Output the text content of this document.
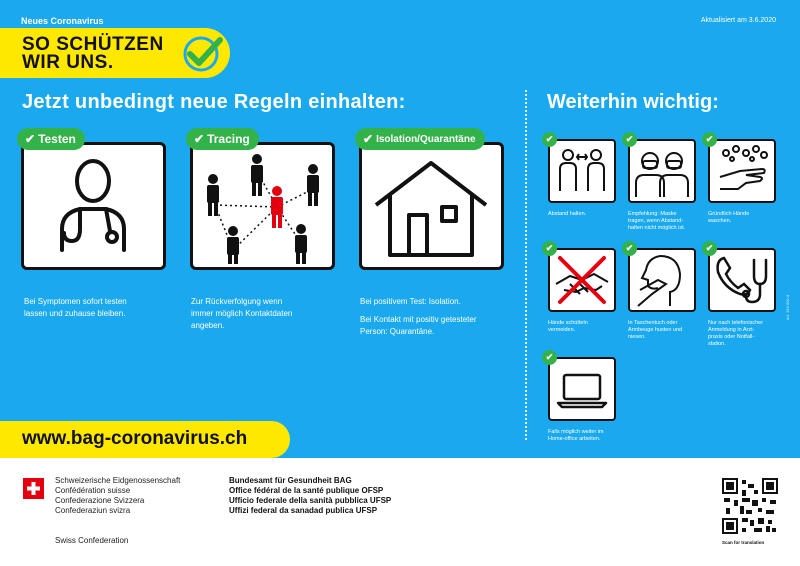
Neues Coronavirus	Aktualisiert am 3.6.2020
SO SCHÜTZEN
WIR UNS.
Jetzt unbedingt neue Regeln einhalten:	Weiterhin wichtig:
✔ Testen
Bei Symptomen sofort testen
lassen und zuhause bleiben.
✔ Tracing
Zur Rückverfolgung wenn
immer möglich Kontaktdaten
angeben.
✔ Isolation/Quarantäne
Bei positivem Test: Isolation.
Bei Kontakt mit positiv getesteter
Person: Quarantäne.
✔
Abstand halten.
✔
Empfehlung: Maske
tragen, wenn Abstand-
halten nicht möglich ist.
✔
Gründlich Hände
waschen.
✔
Hände schütteln
vermeiden.
✔
In Taschentuch oder
Armbeuge husten und
niesen.
✔
Nur nach telefonischer
Anmeldung in Arzt-
praxis oder Notfall-
station.
✔
Falls möglich weiter im
Home-office arbeiten.
Art. 316.600.d
www.bag-coronavirus.ch
Schweizerische Eidgenossenschaft
Confédération suisse
Confederazione Svizzera
Confederaziun svizra
Swiss Confederation
Bundesamt für Gesundheit BAG
Office fédéral de la santé publique OFSP
Ufficio federale della sanità pubblica UFSP
Uffizi federal da sanadad publica UFSP
Scan for translation
